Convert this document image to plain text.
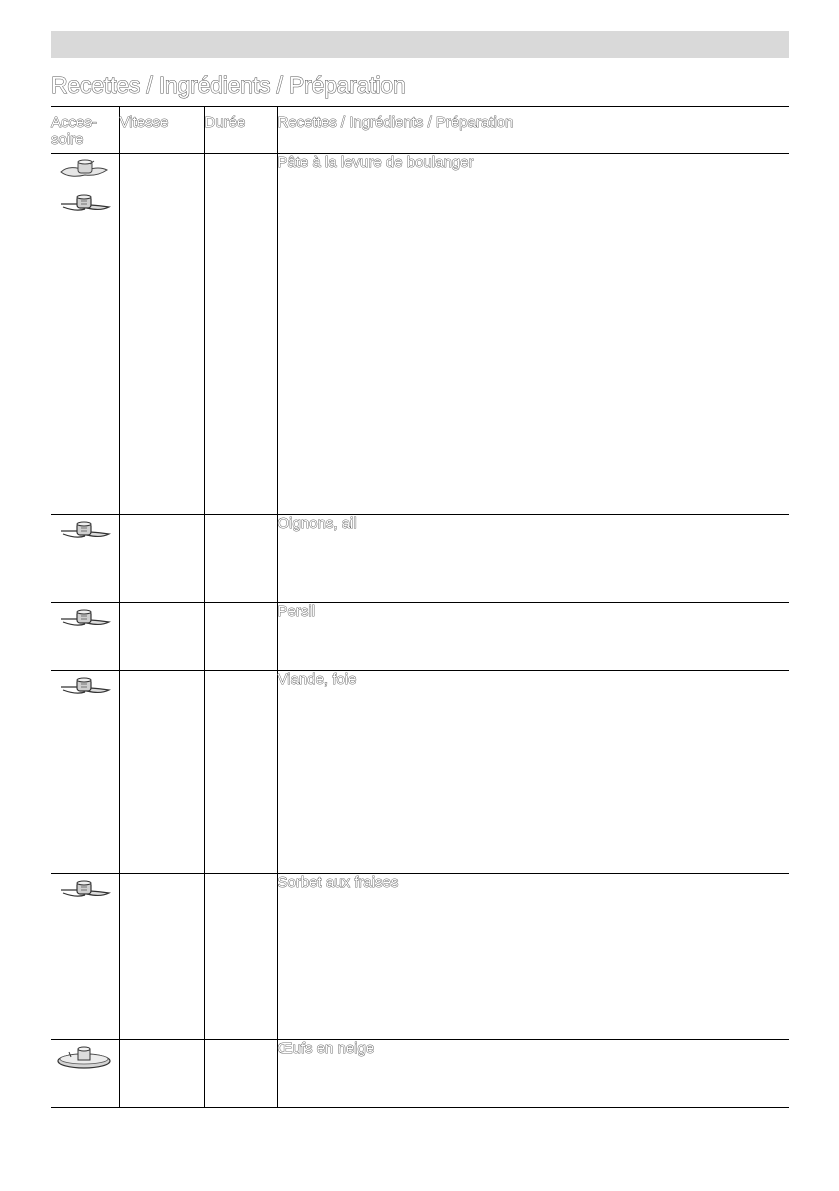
Recettes / Ingrédients / Préparation
Acces-
soire	Vitesse	Durée	Recettes / Ingrédients / Préparation

			Pâte à la levure de boulanger

			Oignons, ail

			Persil

			Viande, foie

			Sorbet aux fraises

			Œufs en neige
